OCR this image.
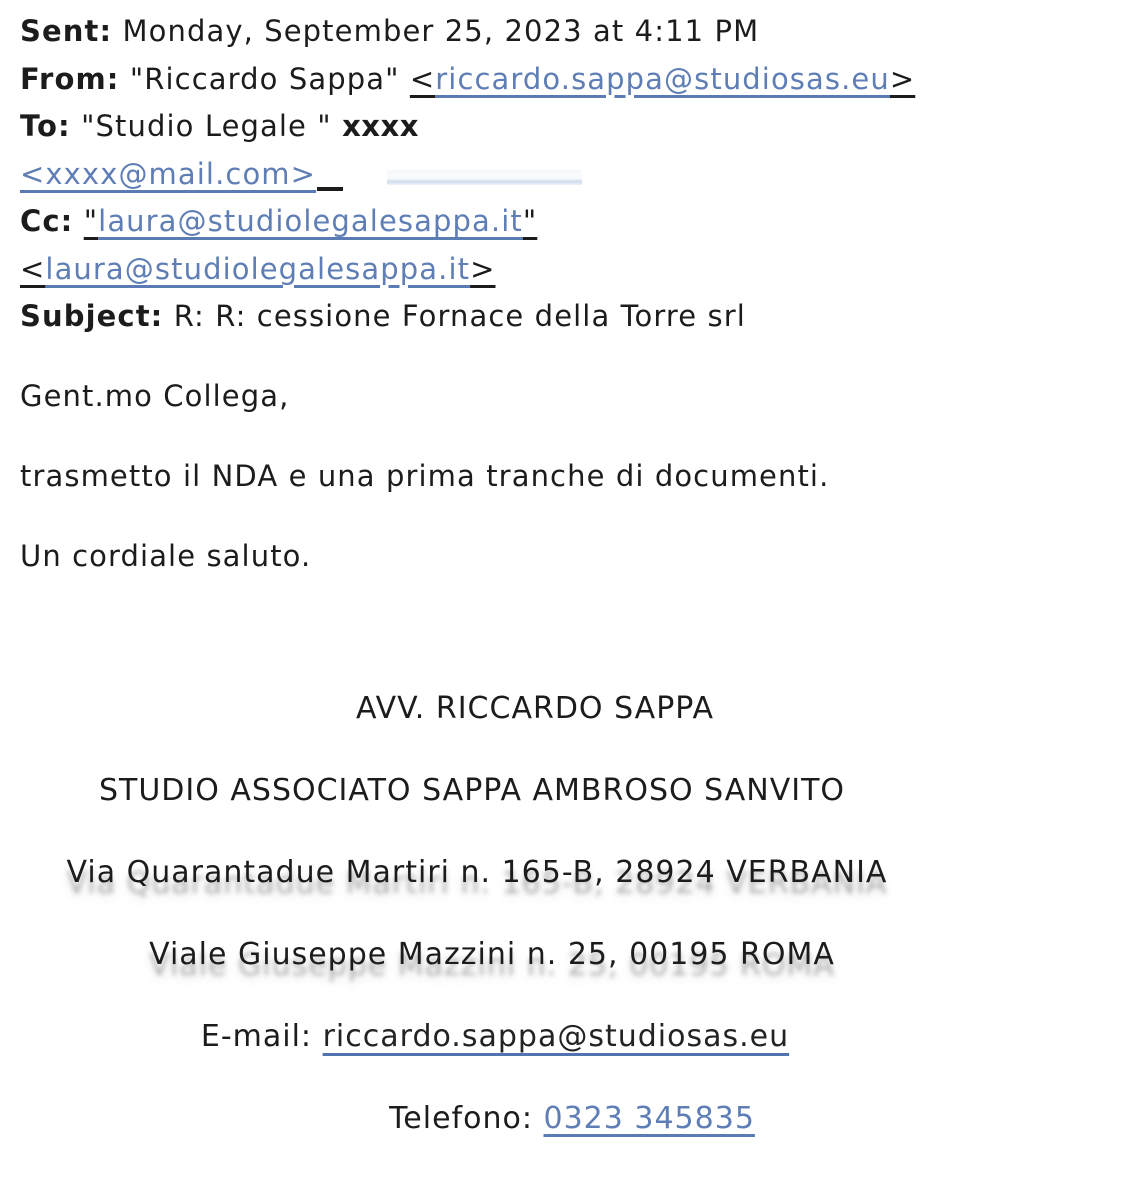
Sent: Monday, September 25, 2023 at 4:11 PM
From: "Riccardo Sappa" <riccardo.sappa@studiosas.eu>
To: "Studio Legale " xxxx
<xxxx@mail.com>
Cc: "laura@studiolegalesappa.it"
<laura@studiolegalesappa.it>
Subject: R: R: cessione Fornace della Torre srl

Gent.mo Collega,

trasmetto il NDA e una prima tranche di documenti.

Un cordiale saluto.

AVV. RICCARDO SAPPA
STUDIO ASSOCIATO SAPPA AMBROSO SANVITO
Via Quarantadue Martiri n. 165-B, 28924 VERBANIA
Viale Giuseppe Mazzini n. 25, 00195 ROMA
E-mail: riccardo.sappa@studiosas.eu
Telefono: 0323 345835
